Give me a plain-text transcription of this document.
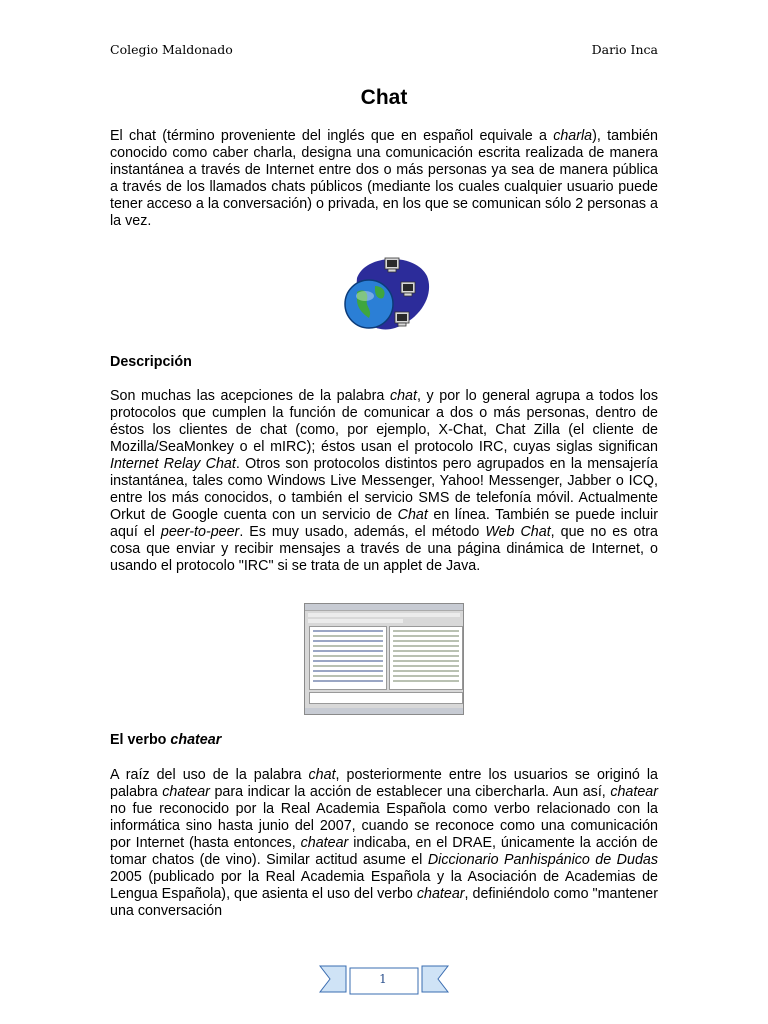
Colegio Maldonado	Dario Inca
Chat

El chat (término proveniente del inglés que en español equivale a charla), también conocido como caber charla, designa una comunicación escrita realizada de manera instantánea a través de Internet entre dos o más personas ya sea de manera pública a través de los llamados chats públicos (mediante los cuales cualquier usuario puede tener acceso a la conversación) o privada, en los que se comunican sólo 2 personas a la vez.

Descripción

Son muchas las acepciones de la palabra chat, y por lo general agrupa a todos los protocolos que cumplen la función de comunicar a dos o más personas, dentro de éstos los clientes de chat (como, por ejemplo, X-Chat, Chat Zilla (el cliente de Mozilla/SeaMonkey o el mIRC); éstos usan el protocolo IRC, cuyas siglas significan Internet Relay Chat. Otros son protocolos distintos pero agrupados en la mensajería instantánea, tales como Windows Live Messenger, Yahoo! Messenger, Jabber o ICQ, entre los más conocidos, o también el servicio SMS de telefonía móvil. Actualmente Orkut de Google cuenta con un servicio de Chat en línea. También se puede incluir aquí el peer-to-peer. Es muy usado, además, el método Web Chat, que no es otra cosa que enviar y recibir mensajes a través de una página dinámica de Internet, o usando el protocolo "IRC" si se trata de un applet de Java.

El verbo chatear

A raíz del uso de la palabra chat, posteriormente entre los usuarios se originó la palabra chatear para indicar la acción de establecer una cibercharla. Aun así, chatear no fue reconocido por la Real Academia Española como verbo relacionado con la informática sino hasta junio del 2007, cuando se reconoce como una comunicación por Internet (hasta entonces, chatear indicaba, en el DRAE, únicamente la acción de tomar chatos (de vino). Similar actitud asume el Diccionario Panhispánico de Dudas 2005 (publicado por la Real Academia Española y la Asociación de Academias de Lengua Española), que asienta el uso del verbo chatear, definiéndolo como "mantener una conversación

1
